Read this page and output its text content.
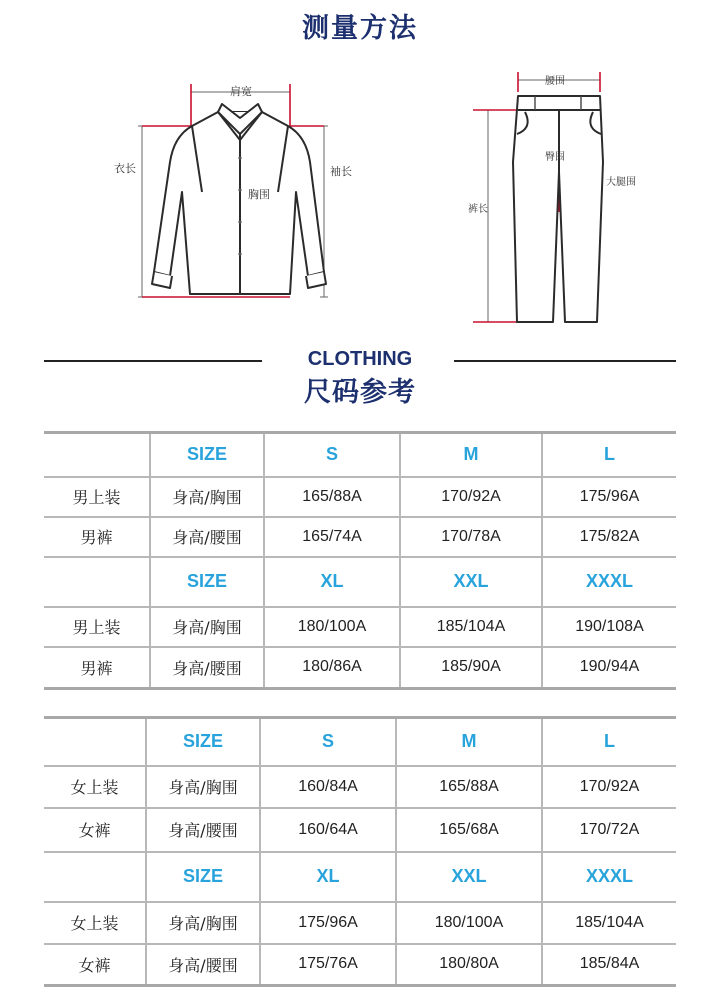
测量方法
肩宽
衣长
胸围
袖长
腰围
臀围
大腿围
裤长
CLOTHING
尺码参考
	SIZE	S	M	L
男上装	身高/胸围	165/88A	170/92A	175/96A
男裤	身高/腰围	165/74A	170/78A	175/82A
	SIZE	XL	XXL	XXXL
男上装	身高/胸围	180/100A	185/104A	190/108A
男裤	身高/腰围	180/86A	185/90A	190/94A
	SIZE	S	M	L
女上装	身高/胸围	160/84A	165/88A	170/92A
女裤	身高/腰围	160/64A	165/68A	170/72A
	SIZE	XL	XXL	XXXL
女上装	身高/胸围	175/96A	180/100A	185/104A
女裤	身高/腰围	175/76A	180/80A	185/84A
